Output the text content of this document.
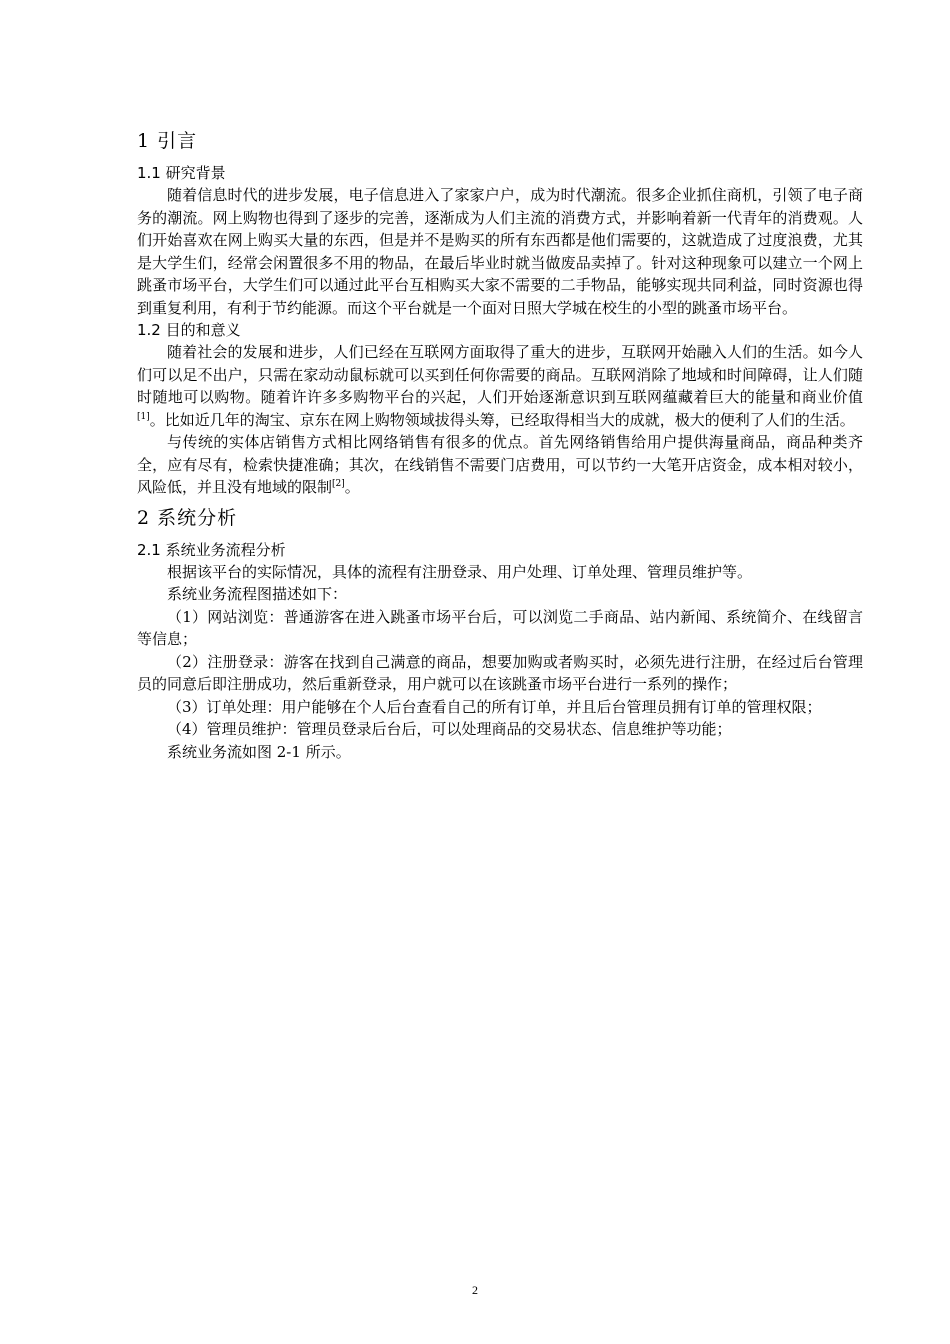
1 引言
1.1 研究背景

随着信息时代的进步发展，电子信息进入了家家户户，成为时代潮流。很多企业抓住商机，引领了电子商务的潮流。网上购物也得到了逐步的完善，逐渐成为人们主流的消费方式，并影响着新一代青年的消费观。人们开始喜欢在网上购买大量的东西，但是并不是购买的所有东西都是他们需要的，这就造成了过度浪费，尤其是大学生们，经常会闲置很多不用的物品，在最后毕业时就当做废品卖掉了。针对这种现象可以建立一个网上跳蚤市场平台，大学生们可以通过此平台互相购买大家不需要的二手物品，能够实现共同利益，同时资源也得到重复利用，有利于节约能源。而这个平台就是一个面对日照大学城在校生的小型的跳蚤市场平台。

1.2 目的和意义

随着社会的发展和进步，人们已经在互联网方面取得了重大的进步，互联网开始融入人们的生活。如今人们可以足不出户，只需在家动动鼠标就可以买到任何你需要的商品。互联网消除了地域和时间障碍，让人们随时随地可以购物。随着许许多多购物平台的兴起，人们开始逐渐意识到互联网蕴藏着巨大的能量和商业价值[1]。比如近几年的淘宝、京东在网上购物领域拔得头筹，已经取得相当大的成就，极大的便利了人们的生活。

与传统的实体店销售方式相比网络销售有很多的优点。首先网络销售给用户提供海量商品，商品种类齐全，应有尽有，检索快捷准确；其次，在线销售不需要门店费用，可以节约一大笔开店资金，成本相对较小，风险低，并且没有地域的限制[2]。

2 系统分析
2.1 系统业务流程分析

根据该平台的实际情况，具体的流程有注册登录、用户处理、订单处理、管理员维护等。

系统业务流程图描述如下：

（1）网站浏览：普通游客在进入跳蚤市场平台后，可以浏览二手商品、站内新闻、系统简介、在线留言等信息；

（2）注册登录：游客在找到自己满意的商品，想要加购或者购买时，必须先进行注册，在经过后台管理员的同意后即注册成功，然后重新登录，用户就可以在该跳蚤市场平台进行一系列的操作；

（3）订单处理：用户能够在个人后台查看自己的所有订单，并且后台管理员拥有订单的管理权限；

（4）管理员维护：管理员登录后台后，可以处理商品的交易状态、信息维护等功能；

系统业务流如图 2-1 所示。

2
